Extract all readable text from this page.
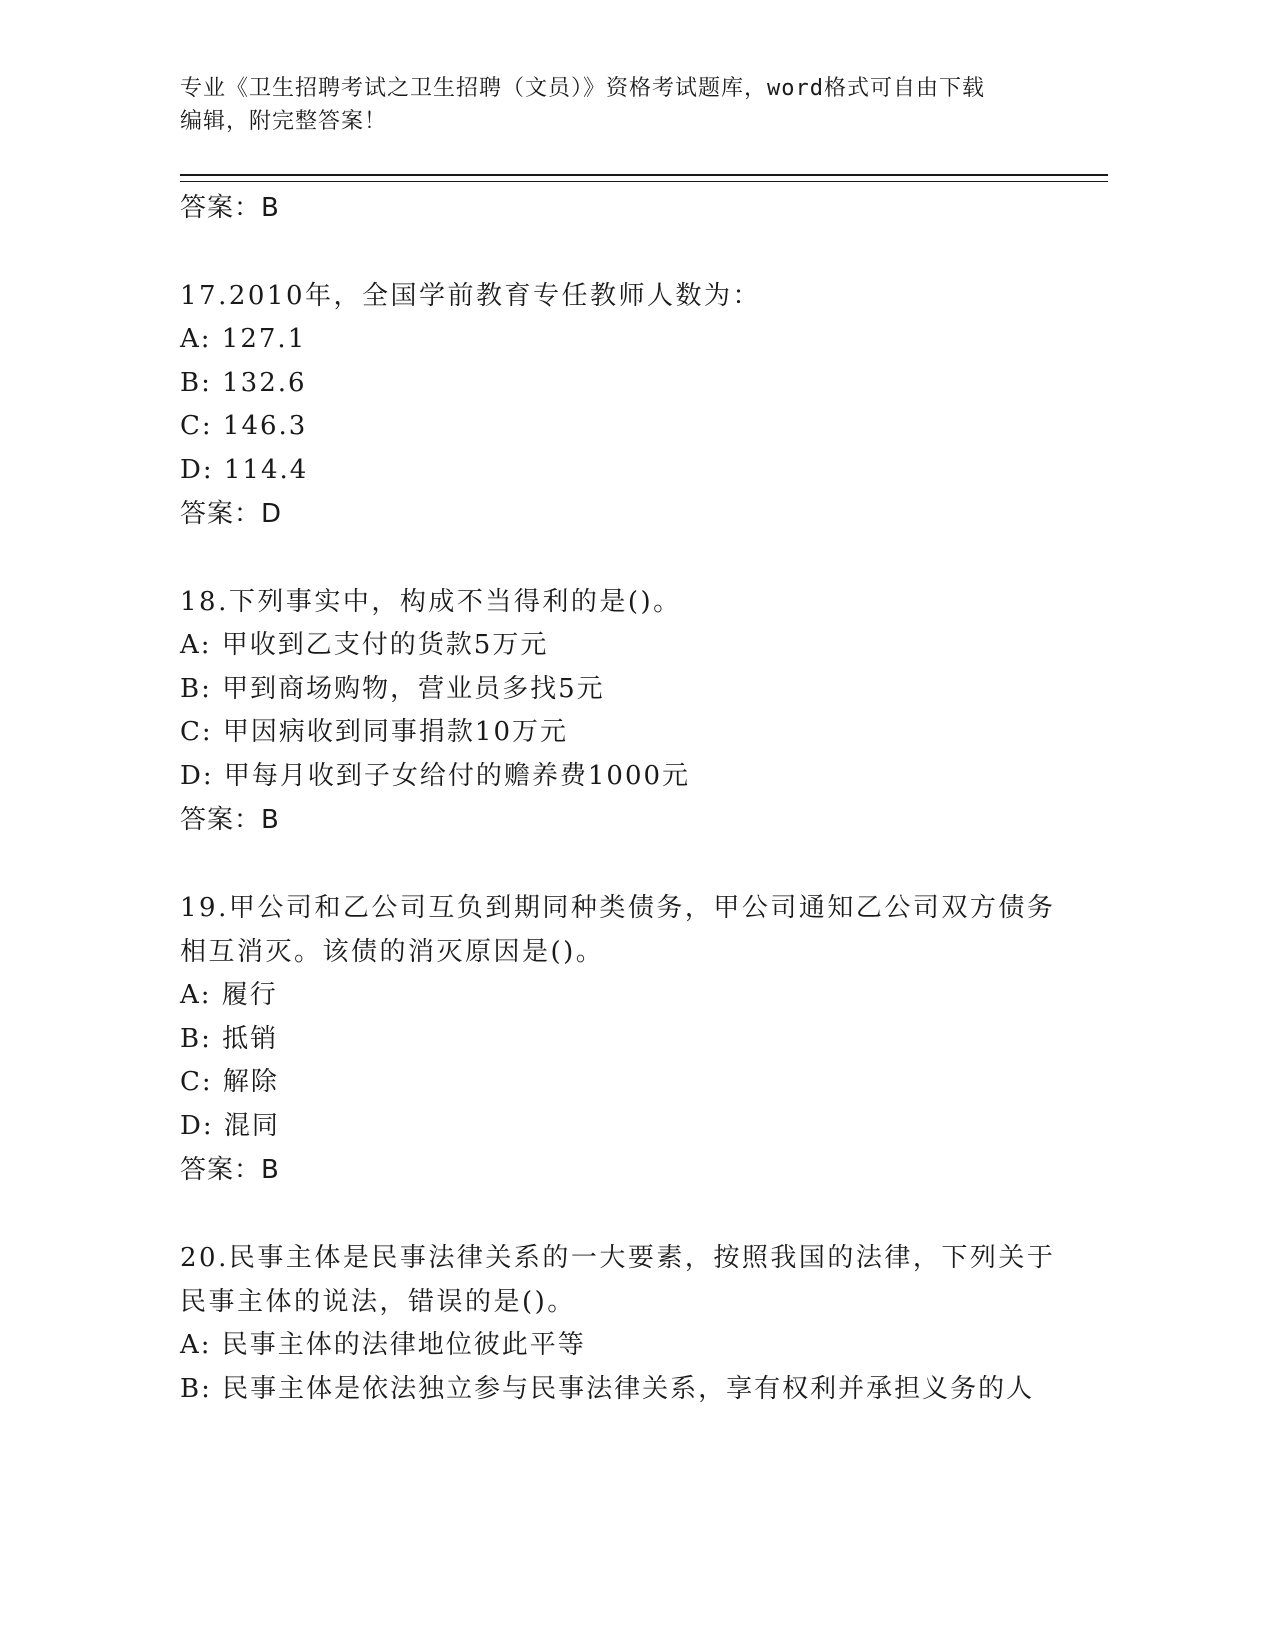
专业《卫生招聘考试之卫生招聘（文员）》资格考试题库，word格式可自由下载
编辑，附完整答案！
答案：B
17.2010年，全国学前教育专任教师人数为：
A: 127.1
B: 132.6
C: 146.3
D: 114.4
答案：D
18.下列事实中，构成不当得利的是()。
A: 甲收到乙支付的货款5万元
B: 甲到商场购物，营业员多找5元
C: 甲因病收到同事捐款10万元
D: 甲每月收到子女给付的赡养费1000元
答案：B
19.甲公司和乙公司互负到期同种类债务，甲公司通知乙公司双方债务相互消灭。该债的消灭原因是()。
A: 履行
B: 抵销
C: 解除
D: 混同
答案：B
20.民事主体是民事法律关系的一大要素，按照我国的法律，下列关于民事主体的说法，错误的是()。
A: 民事主体的法律地位彼此平等
B: 民事主体是依法独立参与民事法律关系，享有权利并承担义务的人
